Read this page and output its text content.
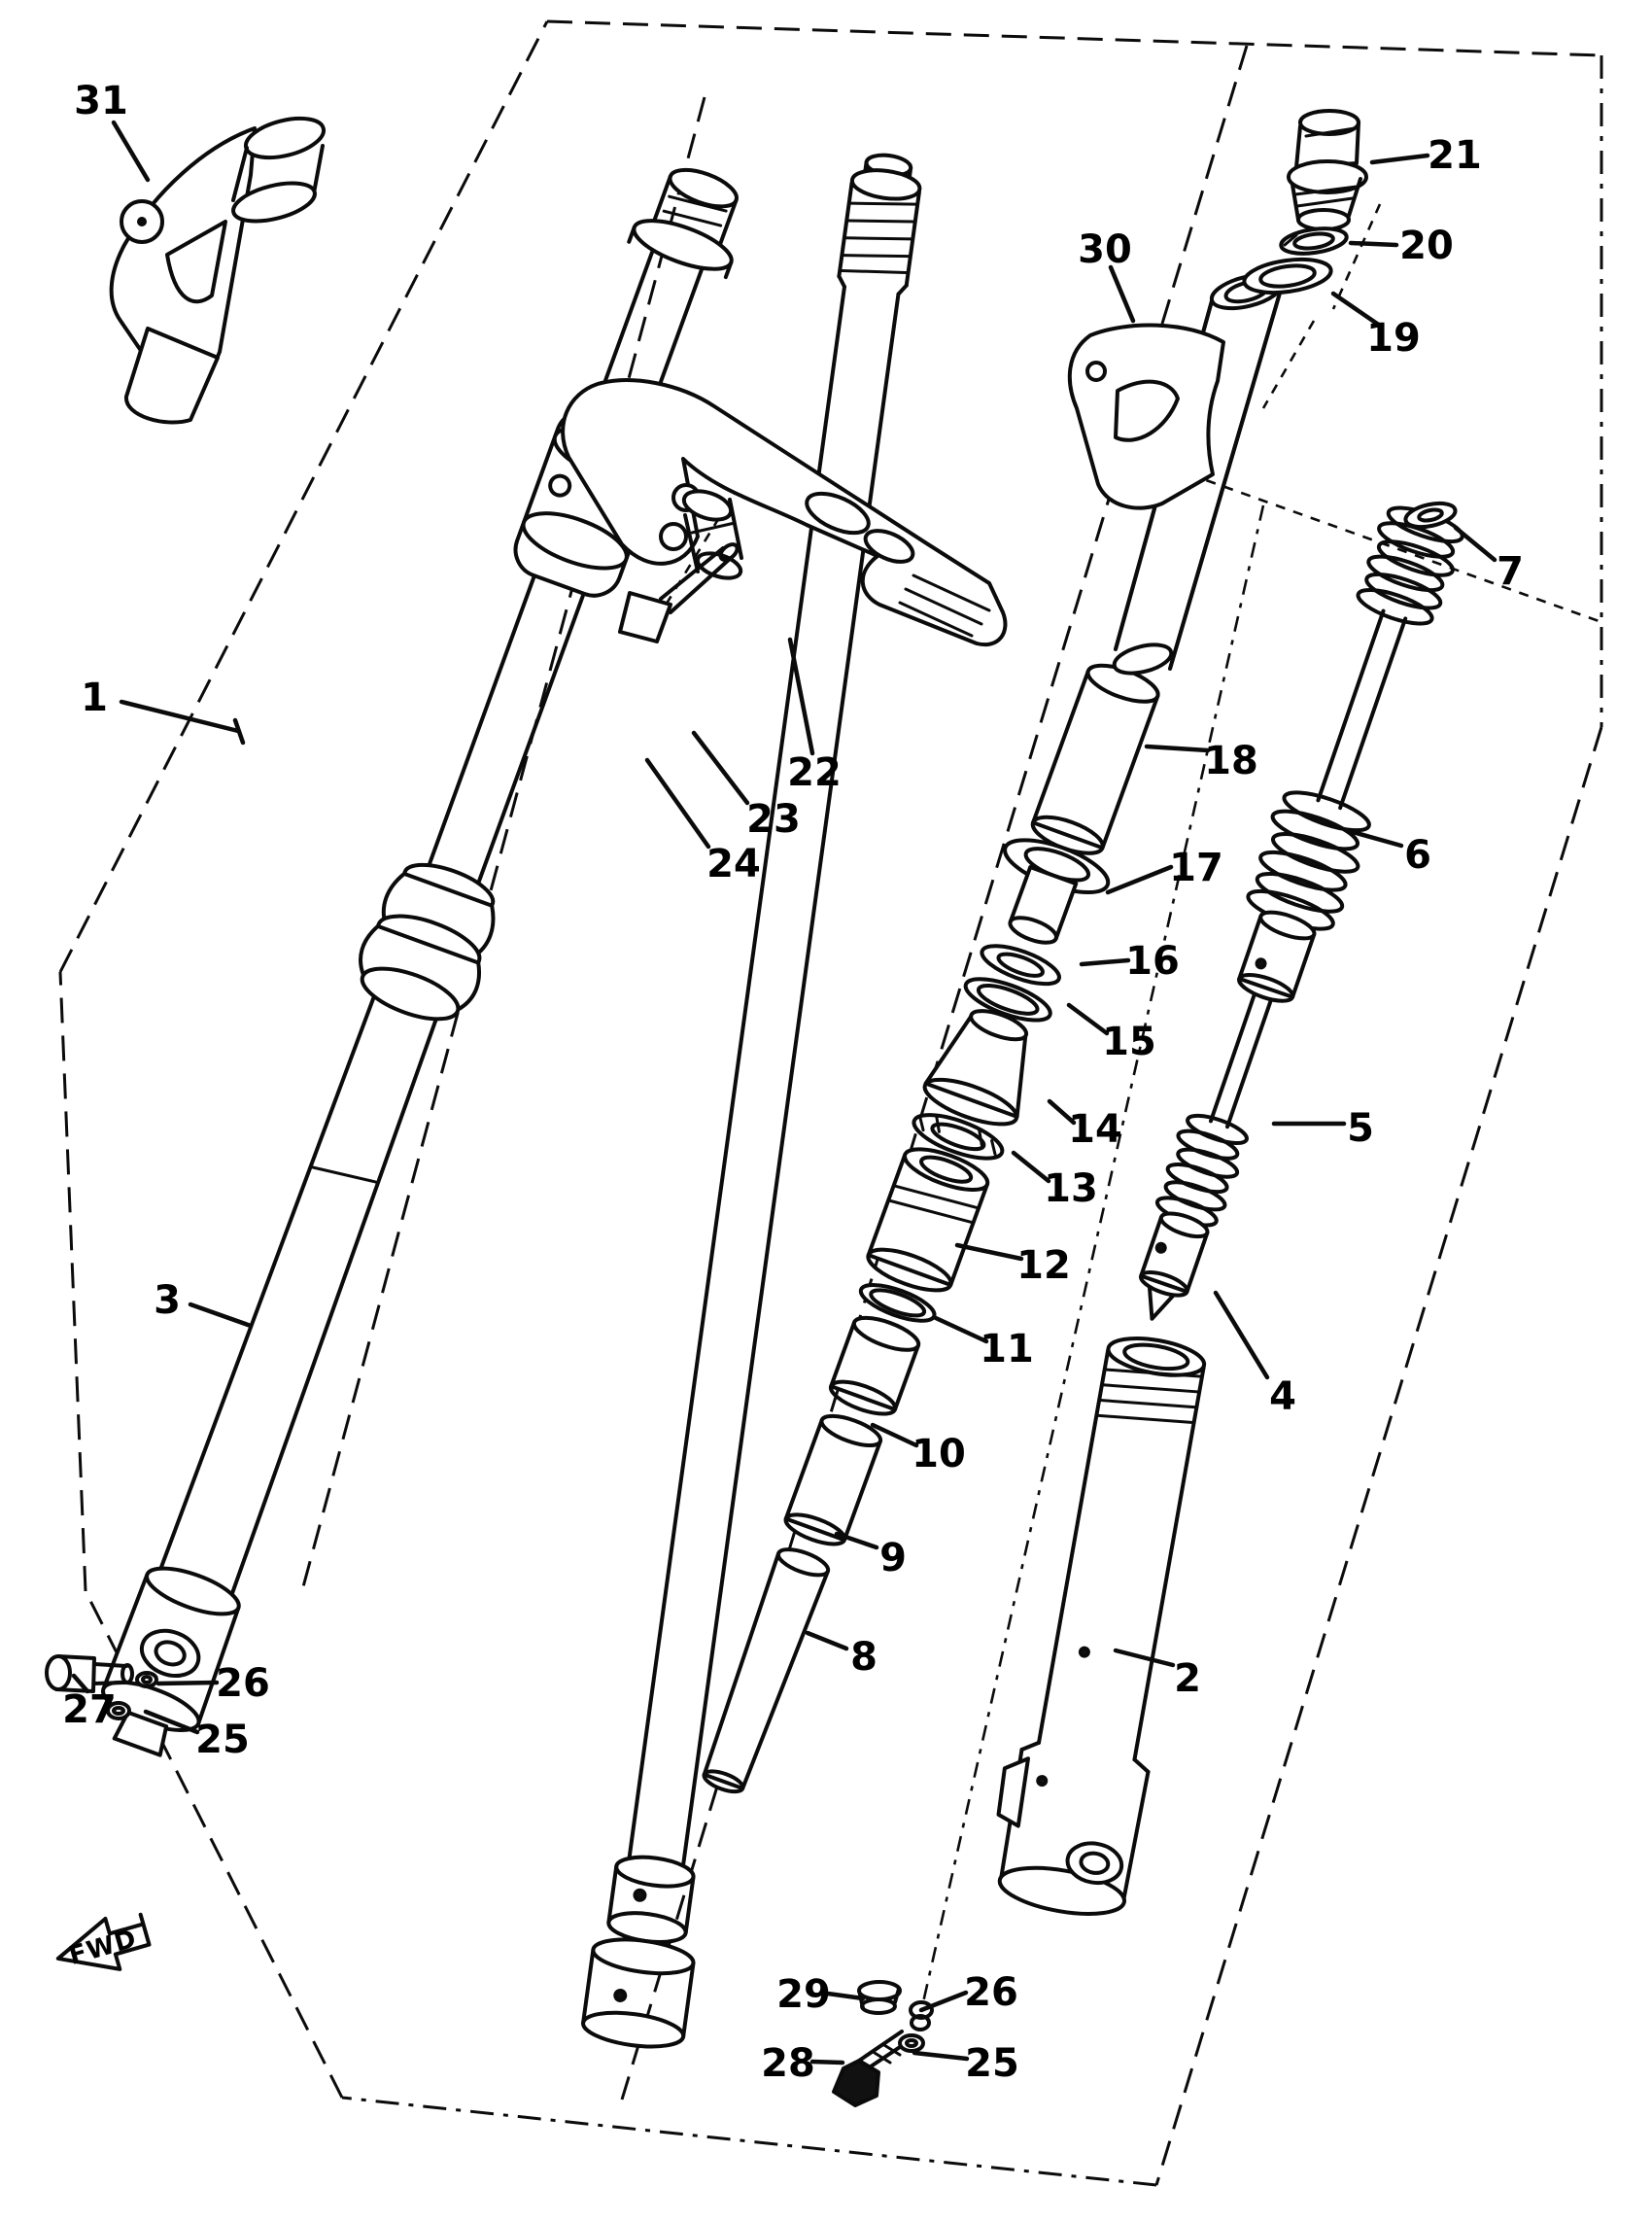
FWD
31
1
3
27
26
25
22
23
24
30
21
20
19
7
18
17
16
15
14
13
12
11
10
9
8
6
5
4
2
29
28
26
25
